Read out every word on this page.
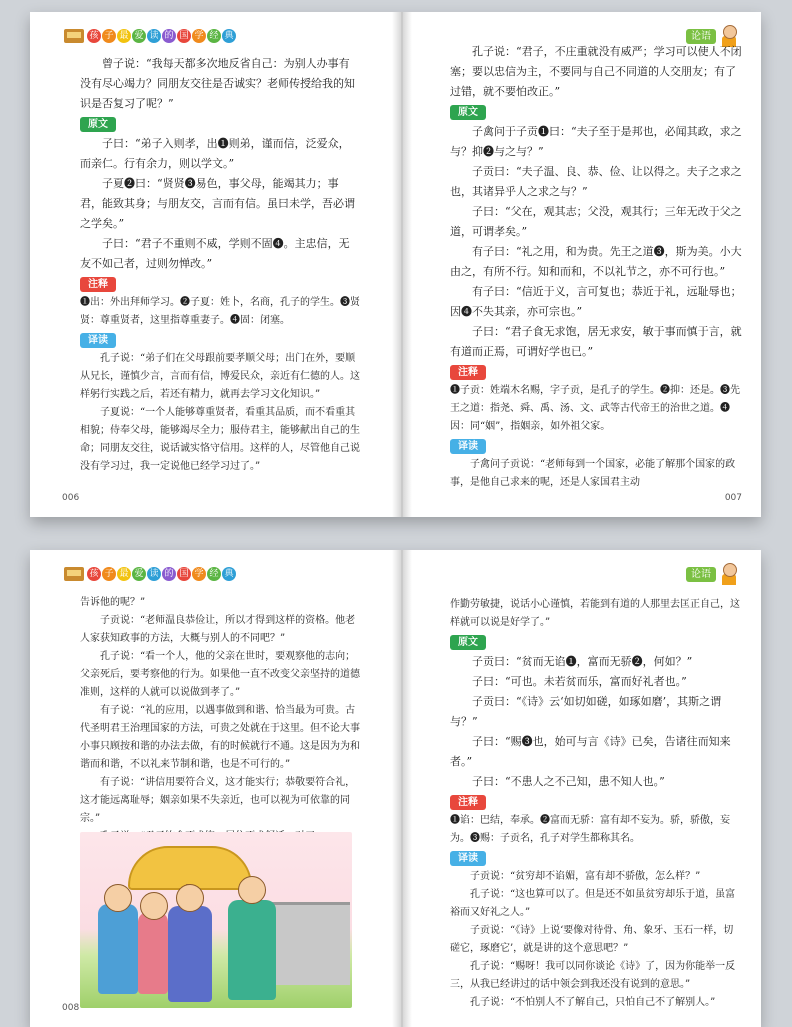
孩 子 最 爱 读 的 国 学 经 典

曾子说：“我每天都多次地反省自己：为别人办事有没有尽心竭力？同朋友交往是否诚实？老师传授给我的知识是否复习了呢？”

原文

子曰：“弟子入则孝，出❶则弟，谨而信，泛爱众，而亲仁。行有余力，则以学文。”

子夏❷曰：“贤贤❸易色，事父母，能竭其力；事君，能致其身；与朋友交，言而有信。虽曰未学，吾必谓之学矣。”

子曰：“君子不重则不威，学则不固❹。主忠信，无友不如己者，过则勿惮改。”

注释

❶出：外出拜师学习。❷子夏：姓卜，名商，孔子的学生。❸贤贤：尊重贤者，这里指尊重妻子。❹固：闭塞。

译读

孔子说：“弟子们在父母跟前要孝顺父母；出门在外，要顺从兄长，谨慎少言，言而有信，博爱民众，亲近有仁德的人。这样躬行实践之后，若还有精力，就再去学习文化知识。”

子夏说：“一个人能够尊重贤者，看重其品质，而不看重其相貌；侍奉父母，能够竭尽全力；服侍君主，能够献出自己的生命；同朋友交往，说话诚实恪守信用。这样的人，尽管他自己说没有学习过，我一定说他已经学习过了。”

006
论语

孔子说：“君子，不庄重就没有威严；学习可以使人不闭塞；要以忠信为主，不要同与自己不同道的人交朋友；有了过错，就不要怕改正。”

原文

子禽问于子贡❶曰：“夫子至于是邦也，必闻其政，求之与？抑❷与之与？”

子贡曰：“夫子温、良、恭、俭、让以得之。夫子之求之也，其诸异乎人之求之与？”

子曰：“父在，观其志；父没，观其行；三年无改于父之道，可谓孝矣。”

有子曰：“礼之用，和为贵。先王之道❸，斯为美。小大由之，有所不行。知和而和，不以礼节之，亦不可行也。”

有子曰：“信近于义，言可复也；恭近于礼，远耻辱也；因❹不失其亲，亦可宗也。”

子曰：“君子食无求饱，居无求安，敏于事而慎于言，就有道而正焉，可谓好学也已。”

注释

❶子贡：姓端木名赐，字子贡，是孔子的学生。❷抑：还是。❸先王之道：指尧、舜、禹、汤、文、武等古代帝王的治世之道。❹因：同“姻”，指姻亲，如外祖父家。

译读

子禽问子贡说：“老师每到一个国家，必能了解那个国家的政事，是他自己求来的呢，还是人家国君主动

007
孩 子 最 爱 读 的 国 学 经 典

告诉他的呢？”

子贡说：“老师温良恭俭让，所以才得到这样的资格。他老人家获知政事的方法，大概与别人的不同吧？”

孔子说：“看一个人，他的父亲在世时，要观察他的志向；父亲死后，要考察他的行为。如果他一直不改变父亲坚持的道德准则，这样的人就可以说做到孝了。”

有子说：“礼的应用，以遇事做到和谐、恰当最为可贵。古代圣明君王治理国家的方法，可贵之处就在于这里。但不论大事小事只顾按和谐的办法去做，有的时候就行不通。这是因为为和谐而和谐，不以礼来节制和谐，也是不可行的。”

有子说：“讲信用要符合义，这才能实行；恭敬要符合礼，这才能远离耻辱；姻亲如果不失亲近，也可以视为可依靠的同宗。”

008
论语

作勤劳敏捷，说话小心谨慎，若能到有道的人那里去匡正自己，这样就可以说是好学了。”

原文

子贡曰：“贫而无谄❶，富而无骄❷，何如？”

子曰：“可也。未若贫而乐，富而好礼者也。”

子贡曰：“《诗》云‘如切如磋，如琢如磨’，其斯之谓与？”

子曰：“赐❸也，始可与言《诗》已矣，告诸往而知来者。”

子曰：“不患人之不己知，患不知人也。”

注释

❶谄：巴结，奉承。❷富而无骄：富有却不妄为。骄，骄傲，妄为。❸赐：子贡名，孔子对学生都称其名。

译读

子贡说：“贫穷却不谄媚，富有却不骄傲，怎么样？”

孔子说：“这也算可以了。但是还不如虽贫穷却乐于道，虽富裕而又好礼之人。”

子贡说：“《诗》上说‘要像对待骨、角、象牙、玉石一样，切磋它，琢磨它’，就是讲的这个意思吧？”

孔子说：“赐呀！我可以同你谈论《诗》了，因为你能举一反三，从我已经讲过的话中领会到我还没有说到的意思。”

孔子说：“不怕别人不了解自己，只怕自己不了解别人。”
